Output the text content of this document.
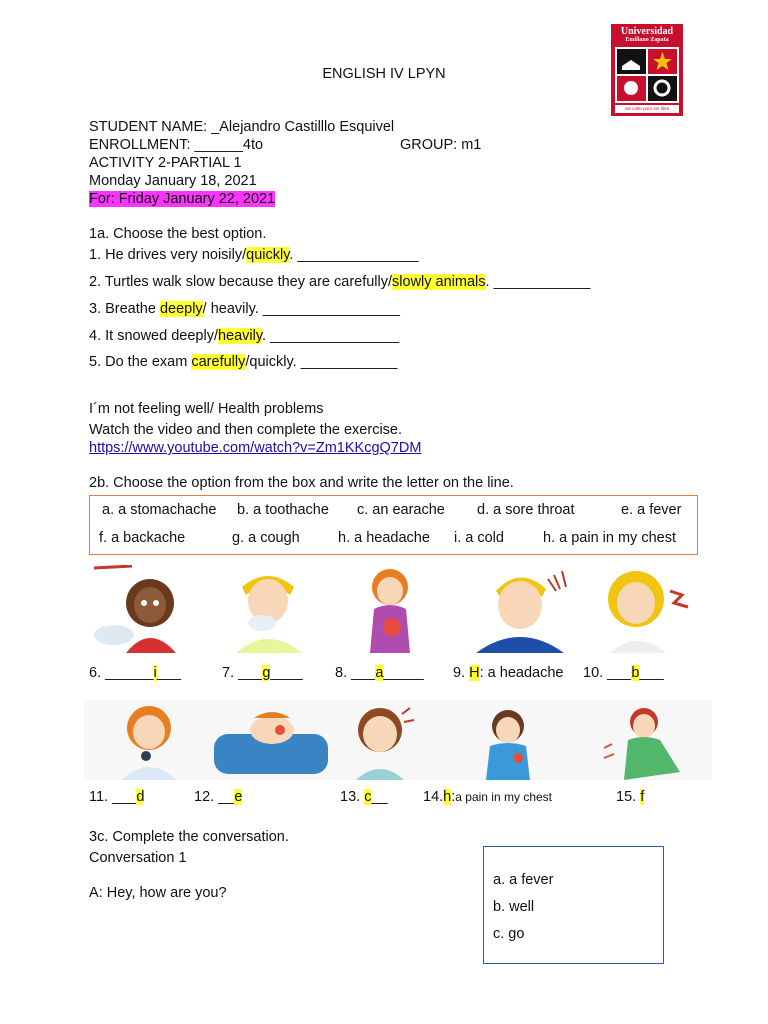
Universidad
Emiliano Zapata
ser culto para ser libre
ENGLISH IV LPYN
STUDENT NAME: _Alejandro Castilllo Esquivel
ENROLLMENT: ______4to	GROUP: m1
ACTIVITY 2-PARTIAL 1
Monday January 18, 2021
For: Friday January 22, 2021
1a. Choose the best option.
1. He drives very noisily/quickly. _______________
2. Turtles walk slow because they are carefully/slowly animals. ____________
3. Breathe deeply/ heavily. _________________
4. It snowed deeply/heavily. ________________
5. Do the exam carefully/quickly. ____________
I´m not feeling well/ Health problems
Watch the video and then complete the exercise.
https://www.youtube.com/watch?v=Zm1KKcgQ7DM
2b. Choose the option from the box and write the letter on the line.
a. a stomachache b. a toothache c. an earache d. a sore throat	e. a fever
f. a backache	g. a cough	h. a headache i. a cold	h. a pain in my chest
6. ______i___	7. ___g____ 8. ___a_____ 9. H: a headache 10. ___b___
11. ___d	12. __e	13. c__ 14.h:a pain in my chest	15. f
3c. Complete the conversation.
Conversation 1
A: Hey, how are you?
a. a fever
b. well
c. go
